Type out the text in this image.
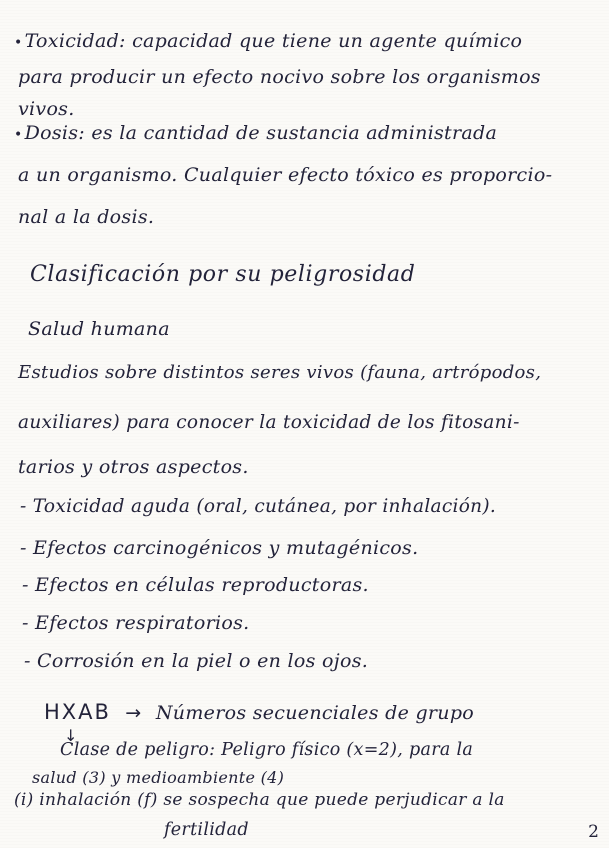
• Toxicidad: capacidad que tiene un agente químico
para producir un efecto nocivo sobre los organismos
vivos.
• Dosis: es la cantidad de sustancia administrada
a un organismo. Cualquier efecto tóxico es proporcio-
nal a la dosis.
Clasificación por su peligrosidad
Salud humana
Estudios sobre distintos seres vivos (fauna, artrópodos,
auxiliares) para conocer la toxicidad de los fitosani-
tarios y otros aspectos.
- Toxicidad aguda (oral, cutánea, por inhalación).
- Efectos carcinogénicos y mutagénicos.
- Efectos en células reproductoras.
- Efectos respiratorios.
- Corrosión en la piel o en los ojos.
HXAB → Números secuenciales de grupo
↓
Clase de peligro: Peligro físico (x=2), para la
salud (3) y medioambiente (4)
(i) inhalación (f) se sospecha que puede perjudicar a la
fertilidad	2
